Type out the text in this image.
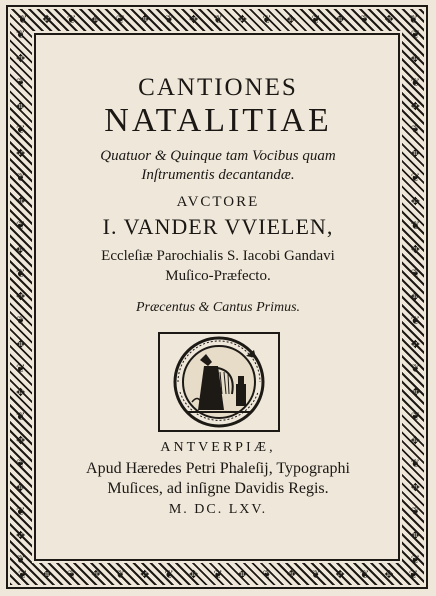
❦ ✥ ❦ ✥ ❦ ✥ ❦ ✥ ❦ ✥ ❦ ✥ ❦ ✥ ❦ ✥ ❦
❦ ✥ ❦ ✥ ❦ ✥ ❦ ✥ ❦ ✥ ❦ ✥ ❦ ✥ ❦ ✥ ❦
❦
✥
❦
✥
❦
✥
❦
✥
❦
✥
❦
✥
❦
✥
❦
✥
❦
✥
❦
✥
❦
✥
❦
❦
✥
❦
✥
❦
✥
❦
✥
❦
✥
❦
✥
❦
✥
❦
✥
❦
✥
❦
✥
❦
✥
❦
CANTIONES
NATALITIAE
Quatuor & Quinque tam Vocibus quam
Inſtrumentis decantandæ.
AVCTORE
I. VANDER VVIELEN,
Eccleſiæ Parochialis S. Iacobi Gandavi
Muſico-Præfecto.
Præcentus & Cantus Primus.
ANTVERPIÆ,
Apud Hæredes Petri Phaleſij, Typographi
Muſices, ad inſigne Davidis Regis.
M. DC. LXV.
